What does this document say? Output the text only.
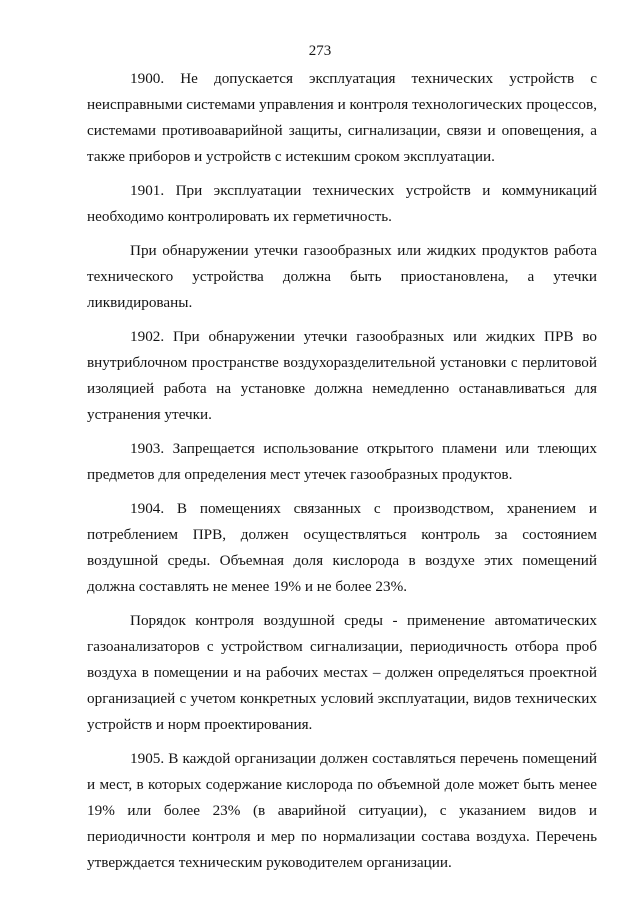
273

1900. Не допускается эксплуатация технических устройств с неисправными системами управления и контроля технологических процессов, системами противоаварийной защиты, сигнализации, связи и оповещения, а также приборов и устройств с истекшим сроком эксплуатации.

1901. При эксплуатации технических устройств и коммуникаций необходимо контролировать их герметичность.

При обнаружении утечки газообразных или жидких продуктов работа технического устройства должна быть приостановлена, а утечки ликвидированы.

1902. При обнаружении утечки газообразных или жидких ПРВ во внутриблочном пространстве воздухоразделительной установки с перлитовой изоляцией работа на установке должна немедленно останавливаться для устранения утечки.

1903. Запрещается использование открытого пламени или тлеющих предметов для определения мест утечек газообразных продуктов.

1904. В помещениях связанных с производством, хранением и потреблением ПРВ, должен осуществляться контроль за состоянием воздушной среды. Объемная доля кислорода в воздухе этих помещений должна составлять не менее 19% и не более 23%.

Порядок контроля воздушной среды - применение автоматических газоанализаторов с устройством сигнализации, периодичность отбора проб воздуха в помещении и на рабочих местах – должен определяться проектной организацией с учетом конкретных условий эксплуатации, видов технических устройств и норм проектирования.

1905. В каждой организации должен составляться перечень помещений и мест, в которых содержание кислорода по объемной доле может быть менее 19% или более 23% (в аварийной ситуации), с указанием видов и периодичности контроля и мер по нормализации состава воздуха. Перечень утверждается техническим руководителем организации.
